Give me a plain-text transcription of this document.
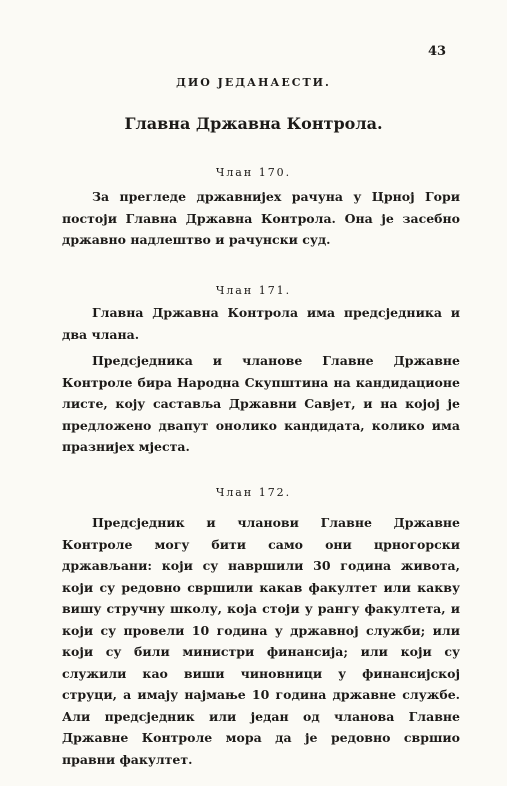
43
ДИО ЈЕДАНАЕСТИ.
Главна Државна Контрола.
Члан 170.

За прегледе државнијех рачуна у Црној Гори постоји Главна Државна Контрола. Она је засебно државно надлештво и рачунски суд.

Члан 171.

Главна Државна Контрола има предсједника и два члана.

Предсједника и чланове Главне Државне Контроле бира Народна Скупштина на кандидационе листе, коју саставља Државни Савјет, и на којој је предложено двапут онолико кандидата, колико има празнијех мјеста.

Члан 172.

Предсједник и чланови Главне Државне Контроле могу бити само они црногорски држављани: који су навршили 30 година живота, који су редовно свршили какав факултет или какву вишу стручну школу, која стоји у рангу факултета, и који су провели 10 година у државној служби; или који су били министри финансија; или који су служили као виши чиновници у финансијској струци, а имају најмање 10 година државне службе. Али предсједник или један од чланова Главне Државне Контроле мора да је редовно свршио правни факултет.
